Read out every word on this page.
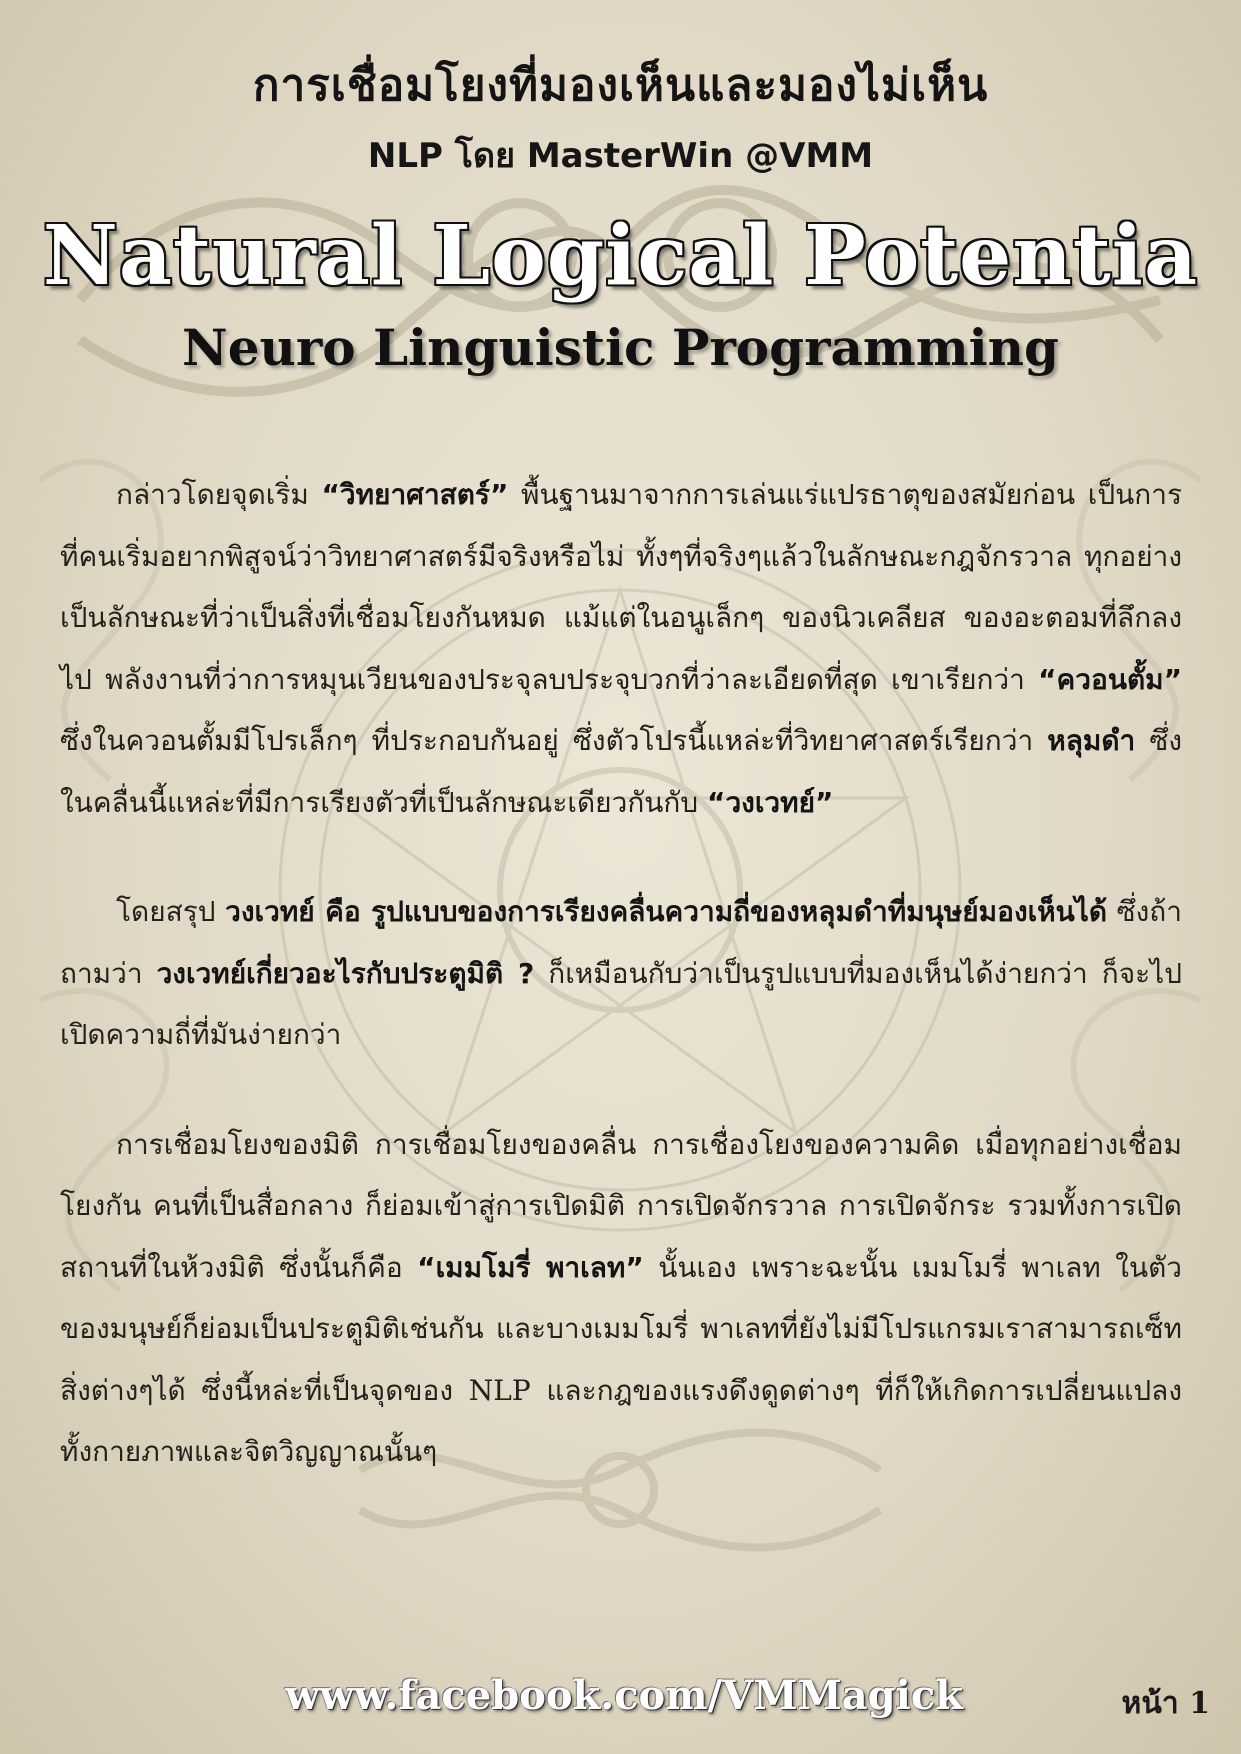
การเชื่อมโยงที่มองเห็นและมองไม่เห็น
NLP โดย MasterWin @VMM
Natural Logical Potentia
Neuro Linguistic Programming

กล่าวโดยจุดเริ่ม “วิทยาศาสตร์” พื้นฐานมาจากการเล่นแร่แปรธาตุของสมัยก่อน เป็นการที่คนเริ่มอยากพิสูจน์ว่าวิทยาศาสตร์มีจริงหรือไม่ ทั้งๆที่จริงๆแล้วในลักษณะกฎจักรวาล ทุกอย่างเป็นลักษณะที่ว่าเป็นสิ่งที่เชื่อมโยงกันหมด แม้แต่ในอนูเล็กๆ ของนิวเคลียส ของอะตอมที่ลึกลงไป พลังงานที่ว่าการหมุนเวียนของประจุลบประจุบวกที่ว่าละเอียดที่สุด เขาเรียกว่า “ควอนตั้ม” ซึ่งในควอนตั้มมีโปรเล็กๆ ที่ประกอบกันอยู่ ซึ่งตัวโปรนี้แหล่ะที่วิทยาศาสตร์เรียกว่า หลุมดำ ซึ่งในคลื่นนี้แหล่ะที่มีการเรียงตัวที่เป็นลักษณะเดียวกันกับ “วงเวทย์”

โดยสรุป วงเวทย์ คือ รูปแบบของการเรียงคลื่นความถี่ของหลุมดำที่มนุษย์มองเห็นได้ ซึ่งถ้าถามว่า วงเวทย์เกี่ยวอะไรกับประตูมิติ ? ก็เหมือนกับว่าเป็นรูปแบบที่มองเห็นได้ง่ายกว่า ก็จะไปเปิดความถี่ที่มันง่ายกว่า

การเชื่อมโยงของมิติ การเชื่อมโยงของคลื่น การเชื่องโยงของความคิด เมื่อทุกอย่างเชื่อมโยงกัน คนที่เป็นสื่อกลาง ก็ย่อมเข้าสู่การเปิดมิติ การเปิดจักรวาล การเปิดจักระ รวมทั้งการเปิดสถานที่ในห้วงมิติ ซึ่งนั้นก็คือ “เมมโมรี่ พาเลท” นั้นเอง เพราะฉะนั้น เมมโมรี่ พาเลท ในตัวของมนุษย์ก็ย่อมเป็นประตูมิติเช่นกัน และบางเมมโมรี่ พาเลทที่ยังไม่มีโปรแกรมเราสามารถเซ็ทสิ่งต่างๆได้ ซึ่งนี้หล่ะที่เป็นจุดของ NLP และกฎของแรงดึงดูดต่างๆ ที่ก็ให้เกิดการเปลี่ยนแปลงทั้งกายภาพและจิตวิญญาณนั้นๆ

www.facebook.com/VMMagick	หน้า 1
